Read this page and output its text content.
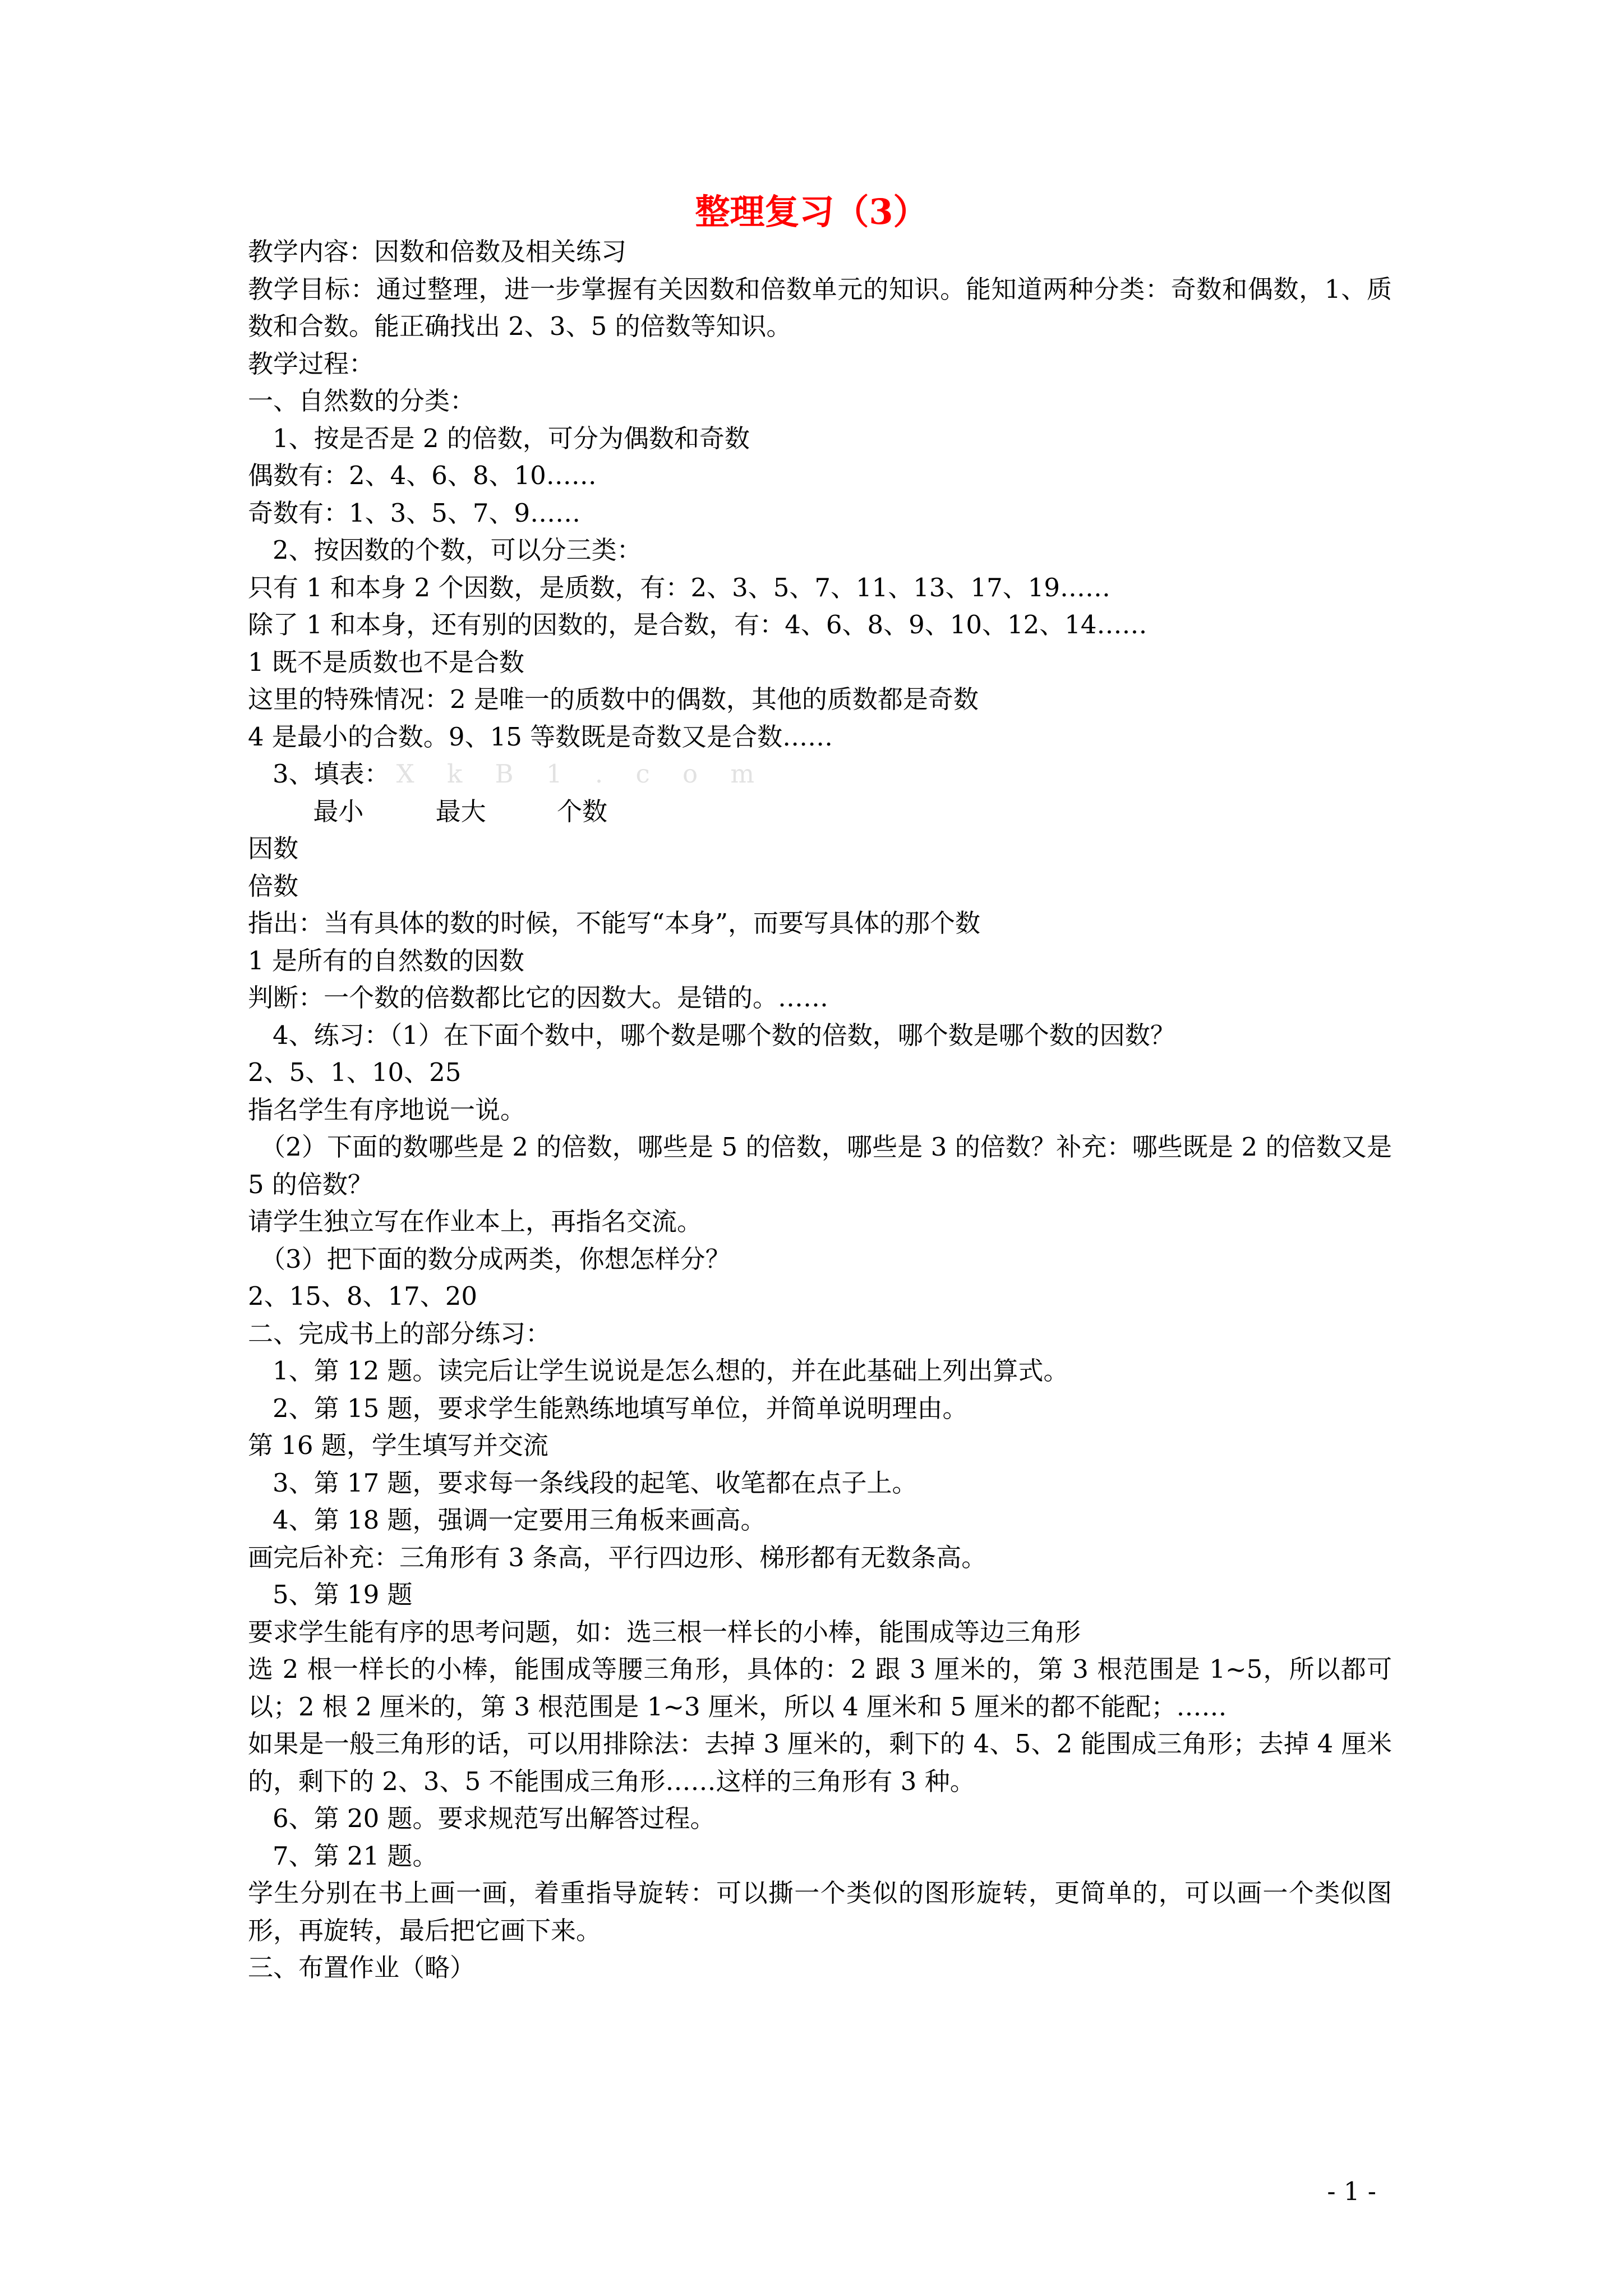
整理复习（3）
教学内容：因数和倍数及相关练习
教学目标：通过整理，进一步掌握有关因数和倍数单元的知识。能知道两种分类：奇数和偶数，1、质数和合数。能正确找出 2、3、5 的倍数等知识。
教学过程：
一、自然数的分类：
1、按是否是 2 的倍数，可分为偶数和奇数
偶数有：2、4、6、8、10……
奇数有：1、3、5、7、9……
2、按因数的个数，可以分三类：
只有 1 和本身 2 个因数，是质数，有：2、3、5、7、11、13、17、19……
除了 1 和本身，还有别的因数的，是合数，有：4、6、8、9、10、12、14……
1 既不是质数也不是合数
这里的特殊情况：2 是唯一的质数中的偶数，其他的质数都是奇数
4 是最小的合数。9、15 等数既是奇数又是合数……
3、填表： X k B 1 . c o m
最小	最大	个数
因数
倍数
指出：当有具体的数的时候，不能写“本身”，而要写具体的那个数
1 是所有的自然数的因数
判断：一个数的倍数都比它的因数大。是错的。……
4、练习：（1）在下面个数中，哪个数是哪个数的倍数，哪个数是哪个数的因数？
2、5、1、10、25
指名学生有序地说一说。
（2）下面的数哪些是 2 的倍数，哪些是 5 的倍数，哪些是 3 的倍数？补充：哪些既是 2 的倍数又是 5 的倍数？
请学生独立写在作业本上，再指名交流。
（3）把下面的数分成两类，你想怎样分？
2、15、8、17、20
二、完成书上的部分练习：
1、第 12 题。读完后让学生说说是怎么想的，并在此基础上列出算式。
2、第 15 题，要求学生能熟练地填写单位，并简单说明理由。
第 16 题，学生填写并交流
3、第 17 题，要求每一条线段的起笔、收笔都在点子上。
4、第 18 题，强调一定要用三角板来画高。
画完后补充：三角形有 3 条高，平行四边形、梯形都有无数条高。
5、第 19 题
要求学生能有序的思考问题，如：选三根一样长的小棒，能围成等边三角形
选 2 根一样长的小棒，能围成等腰三角形，具体的：2 跟 3 厘米的，第 3 根范围是 1~5，所以都可以；2 根 2 厘米的，第 3 根范围是 1~3 厘米，所以 4 厘米和 5 厘米的都不能配；……
如果是一般三角形的话，可以用排除法：去掉 3 厘米的，剩下的 4、5、2 能围成三角形；去掉 4 厘米的，剩下的 2、3、5 不能围成三角形……这样的三角形有 3 种。
6、第 20 题。要求规范写出解答过程。
7、第 21 题。
学生分别在书上画一画，着重指导旋转：可以撕一个类似的图形旋转，更简单的，可以画一个类似图形，再旋转，最后把它画下来。
三、布置作业（略）
- 1 -
